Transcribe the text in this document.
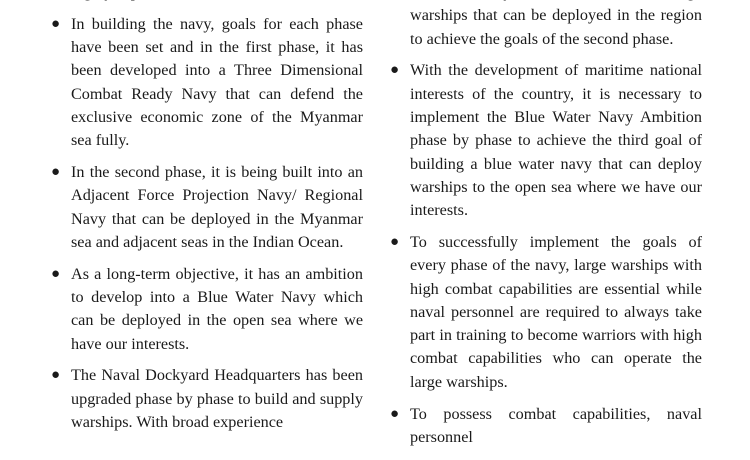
● In building the navy, goals for each phase have been set and in the first phase, it has been developed into a Three Dimensional Combat Ready Navy that can defend the exclusive economic zone of the Myanmar sea fully.
● In the second phase, it is being built into an Adjacent Force Projection Navy/ Regional Navy that can be deployed in the Myanmar sea and adjacent seas in the Indian Ocean.
● As a long-term objective, it has an ambition to develop into a Blue Water Navy which can be deployed in the open sea where we have our interests.
● The Naval Dockyard Headquarters has been upgraded phase by phase to build and supply warships. With broad experience
warships that can be deployed in the region to achieve the goals of the second phase.
● With the development of maritime national interests of the country, it is necessary to implement the Blue Water Navy Ambition phase by phase to achieve the third goal of building a blue water navy that can deploy warships to the open sea where we have our interests.
● To successfully implement the goals of every phase of the navy, large warships with high combat capabilities are essential while naval personnel are required to always take part in training to become warriors with high combat capabilities who can operate the large warships.
● To possess combat capabilities, naval personnel
